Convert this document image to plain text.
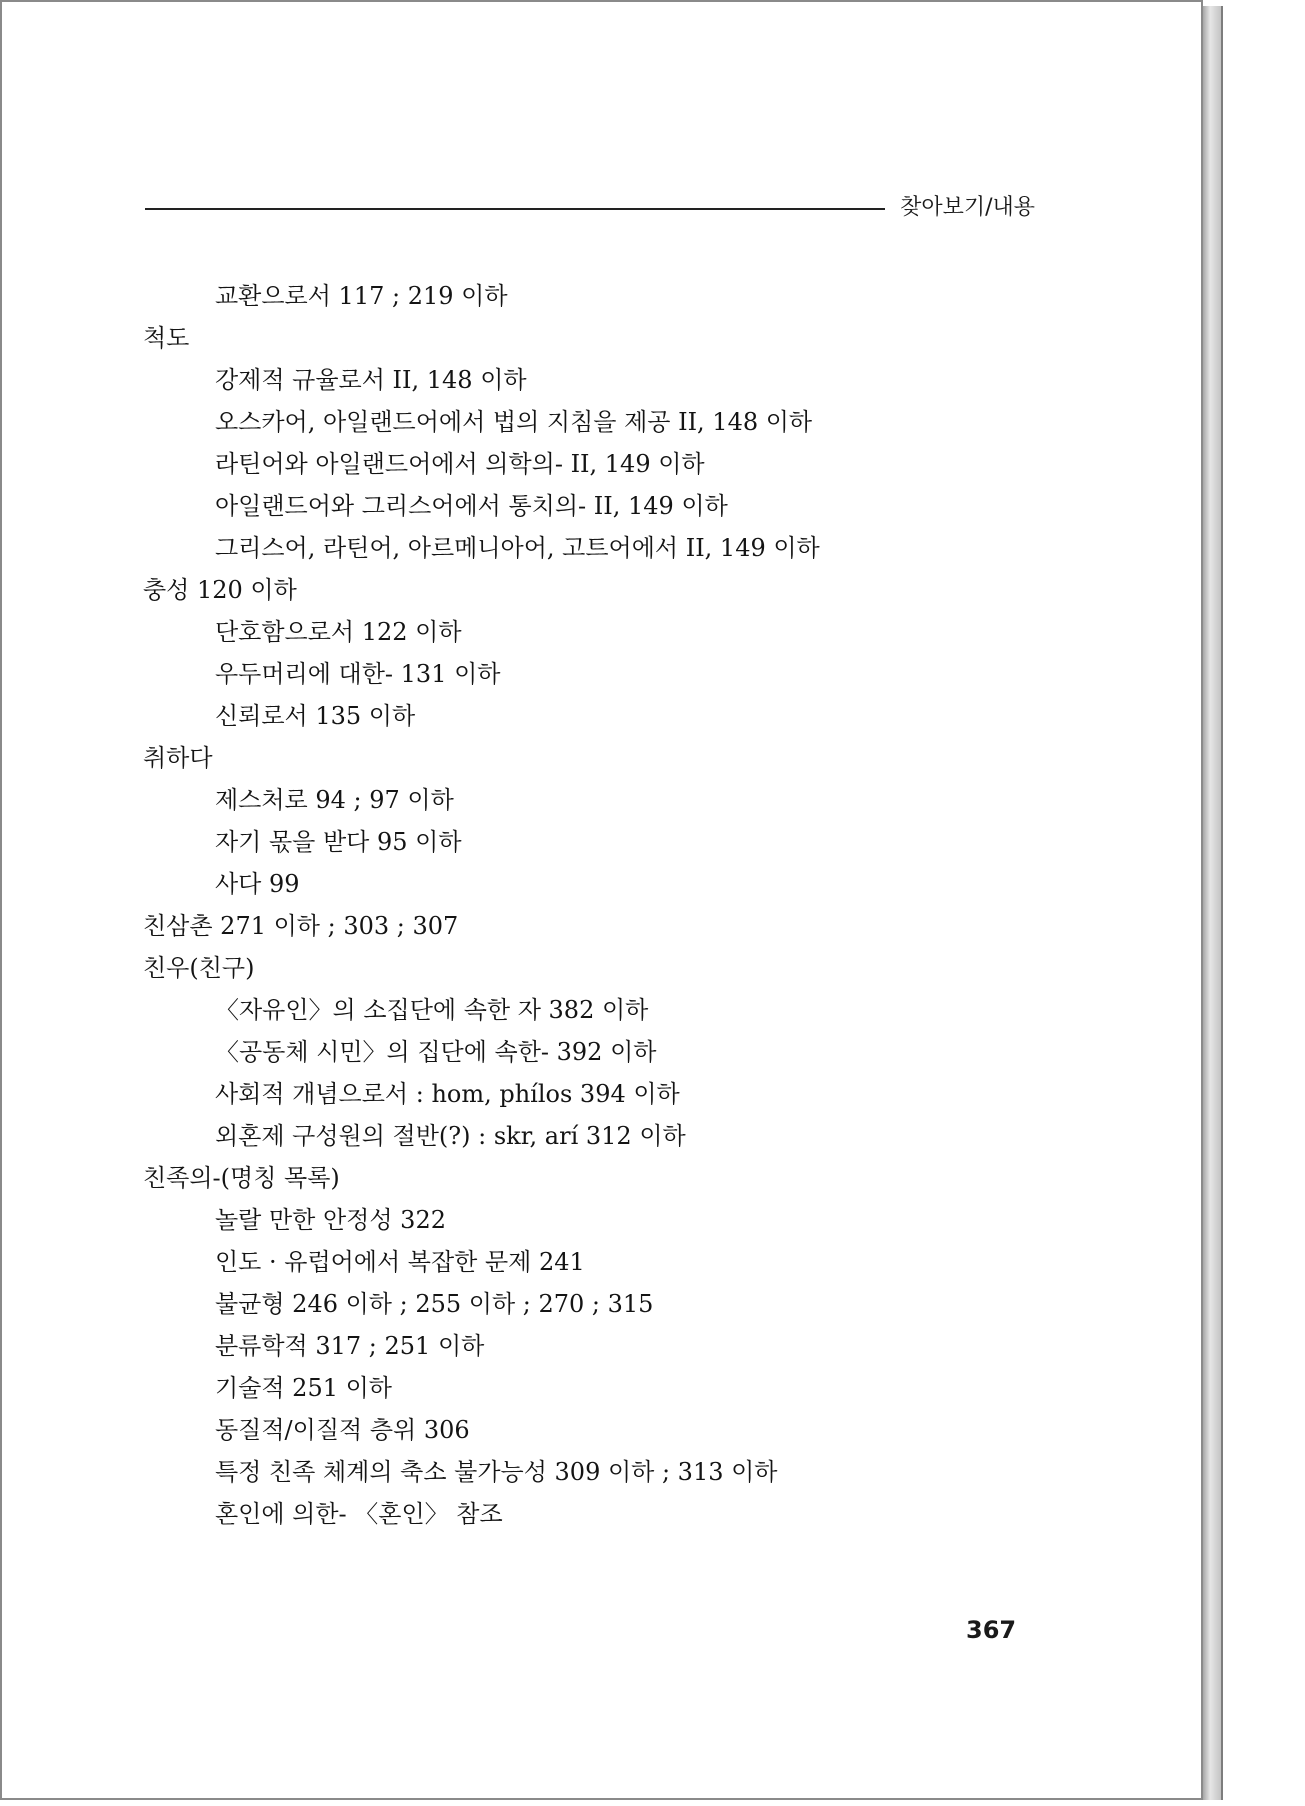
찾아보기/내용
교환으로서 117 ; 219 이하
척도
강제적 규율로서 II, 148 이하
오스카어, 아일랜드어에서 법의 지침을 제공 II, 148 이하
라틴어와 아일랜드어에서 의학의- II, 149 이하
아일랜드어와 그리스어에서 통치의- II, 149 이하
그리스어, 라틴어, 아르메니아어, 고트어에서 II, 149 이하
충성 120 이하
단호함으로서 122 이하
우두머리에 대한- 131 이하
신뢰로서 135 이하
취하다
제스처로 94 ; 97 이하
자기 몫을 받다 95 이하
사다 99
친삼촌 271 이하 ; 303 ; 307
친우(친구)
〈자유인〉의 소집단에 속한 자 382 이하
〈공동체 시민〉의 집단에 속한- 392 이하
사회적 개념으로서 : hom, phílos 394 이하
외혼제 구성원의 절반(?) : skr, arí 312 이하
친족의-(명칭 목록)
놀랄 만한 안정성 322
인도 · 유럽어에서 복잡한 문제 241
불균형 246 이하 ; 255 이하 ; 270 ; 315
분류학적 317 ; 251 이하
기술적 251 이하
동질적/이질적 층위 306
특정 친족 체계의 축소 불가능성 309 이하 ; 313 이하
혼인에 의한- 〈혼인〉 참조
367
